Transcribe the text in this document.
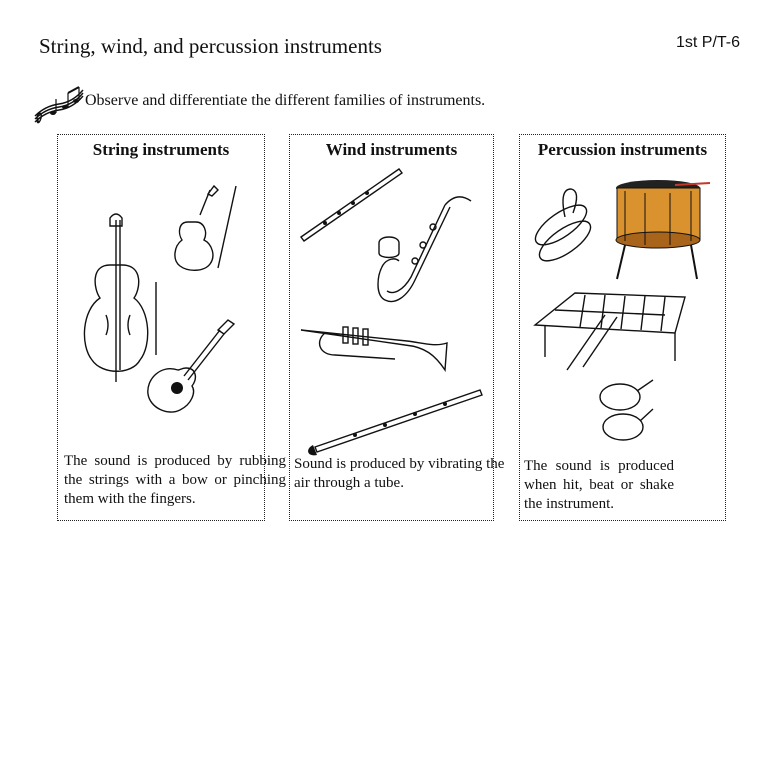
String, wind, and percussion instruments	1st P/T-6
Observe and differentiate the different families of instruments.
String instruments
The sound is produced by rubbing the strings with a bow or pinching them with the fingers.
Wind instruments
Sound is produced by vibrating the air through a tube.
Percussion instruments
The sound is produced when hit, beat or shake the instrument.
